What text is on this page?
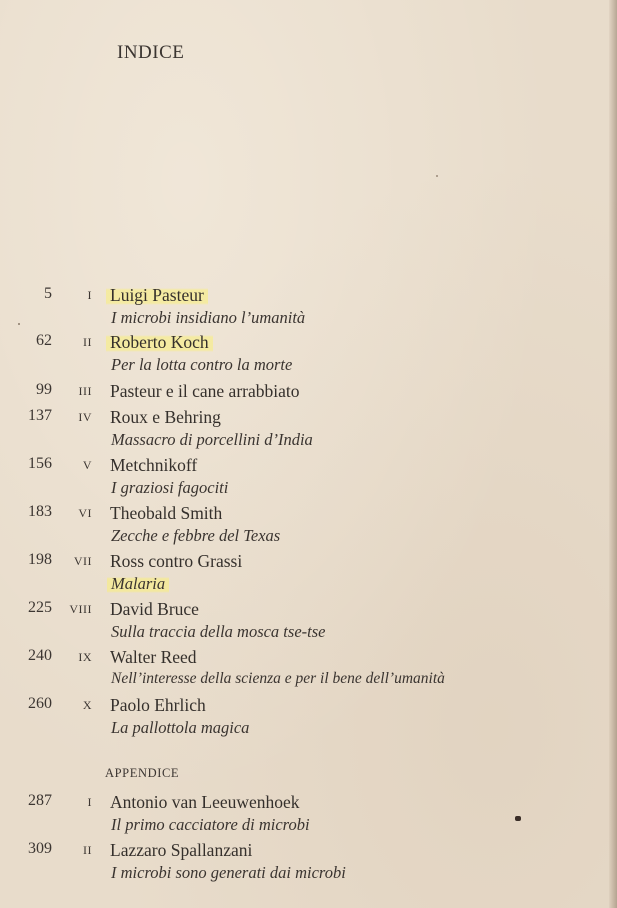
INDICE
5	I Luigi Pasteur
I microbi insidiano l’umanità
62	II Roberto Koch
Per la lotta contro la morte
99 III Pasteur e il cane arrabbiato
137 IV Roux e Behring
Massacro di porcellini d’India
156	V Metchnikoff
I graziosi fagociti
183 VI Theobald Smith
Zecche e febbre del Texas
198 VII Ross contro Grassi
Malaria
225 VIII David Bruce
Sulla traccia della mosca tse-tse
240 IX Walter Reed
Nell’interesse della scienza e per il bene dell’umanità
260	X Paolo Ehrlich
La pallottola magica
APPENDICE
287	I Antonio van Leeuwenhoek
Il primo cacciatore di microbi
309	II Lazzaro Spallanzani
I microbi sono generati dai microbi
